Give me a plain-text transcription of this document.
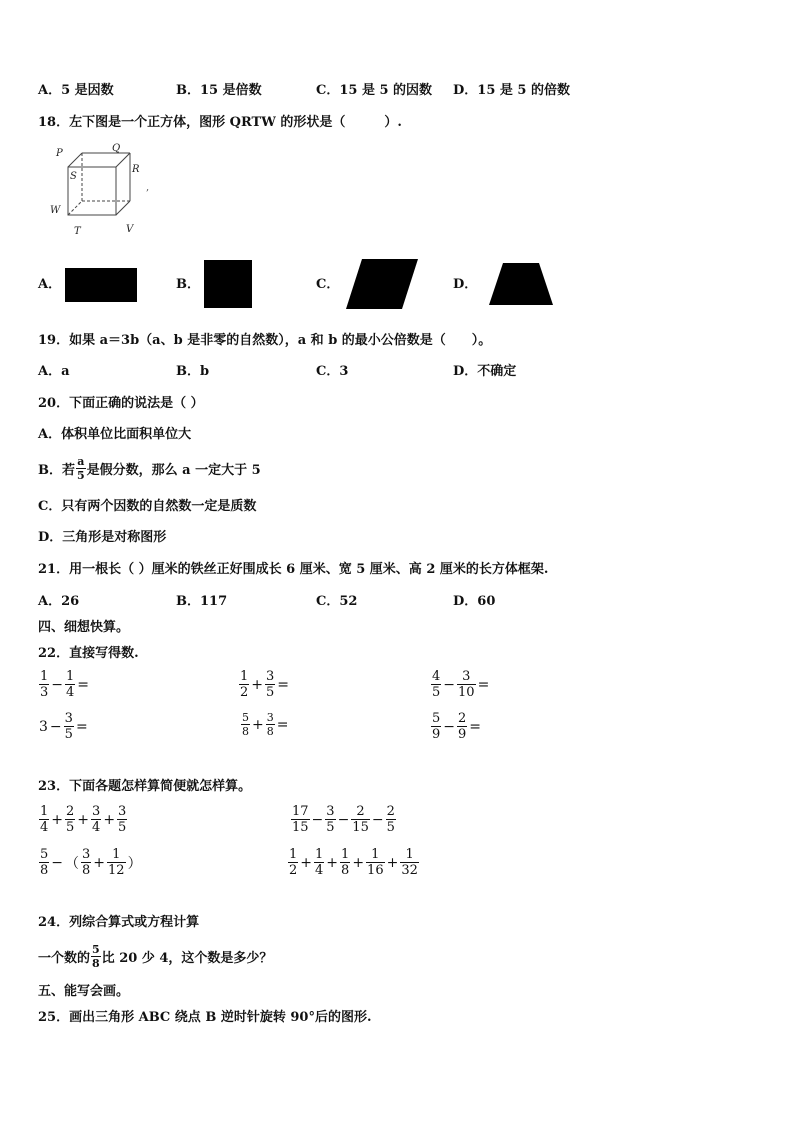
A．5 是因数	B．15 是倍数	C．15 是 5 的因数 D．15 是 5 的倍数
18．左下图是一个正方体，图形 QRTW 的形状是（　　　）.
P	Q
R
S
W
T	V
,
A．	B．	C．	D．
19．如果 a＝3b（a、b 是非零的自然数），a 和 b 的最小公倍数是（　　）。
A．a	B．b	C．3	D．不确定
20．下面正确的说法是（ ）
A．体积单位比面积单位大
B．若 $\frac{a}{5}$ 是假分数，那么 a 一定大于 5
C．只有两个因数的自然数一定是质数
D．三角形是对称图形
21．用一根长（ ）厘米的铁丝正好围成长 6 厘米、宽 5 厘米、高 2 厘米的长方体框架.
A．26	B．117	C．52	D．60
四、细想快算。
22．直接写得数.
$\frac{1}{3} - \frac{1}{4}$ =	$\frac{1}{2} + \frac{3}{5}$ =	$\frac{4}{5} - \frac{3}{10}$ =
$3 - \frac{3}{5}$ =	$\frac{5}{8} + \frac{3}{8}$ =	$\frac{5}{9} - \frac{2}{9}$ =
23．下面各题怎样算简便就怎样算。
$\frac{1}{4} + \frac{2}{5} + \frac{3}{4} + \frac{3}{5}$	$\frac{17}{15} - \frac{3}{5} - \frac{2}{15} - \frac{2}{5}$
$\frac{5}{8}$ − （ $\frac{3}{8} + \frac{1}{12}$ ）	$\frac{1}{2} + \frac{1}{4} + \frac{1}{8} + \frac{1}{16} + \frac{1}{32}$
24．列综合算式或方程计算
一个数的 $\frac{5}{8}$ 比 20 少 4，这个数是多少？
五、能写会画。
25．画出三角形 ABC 绕点 B 逆时针旋转 90°后的图形.
